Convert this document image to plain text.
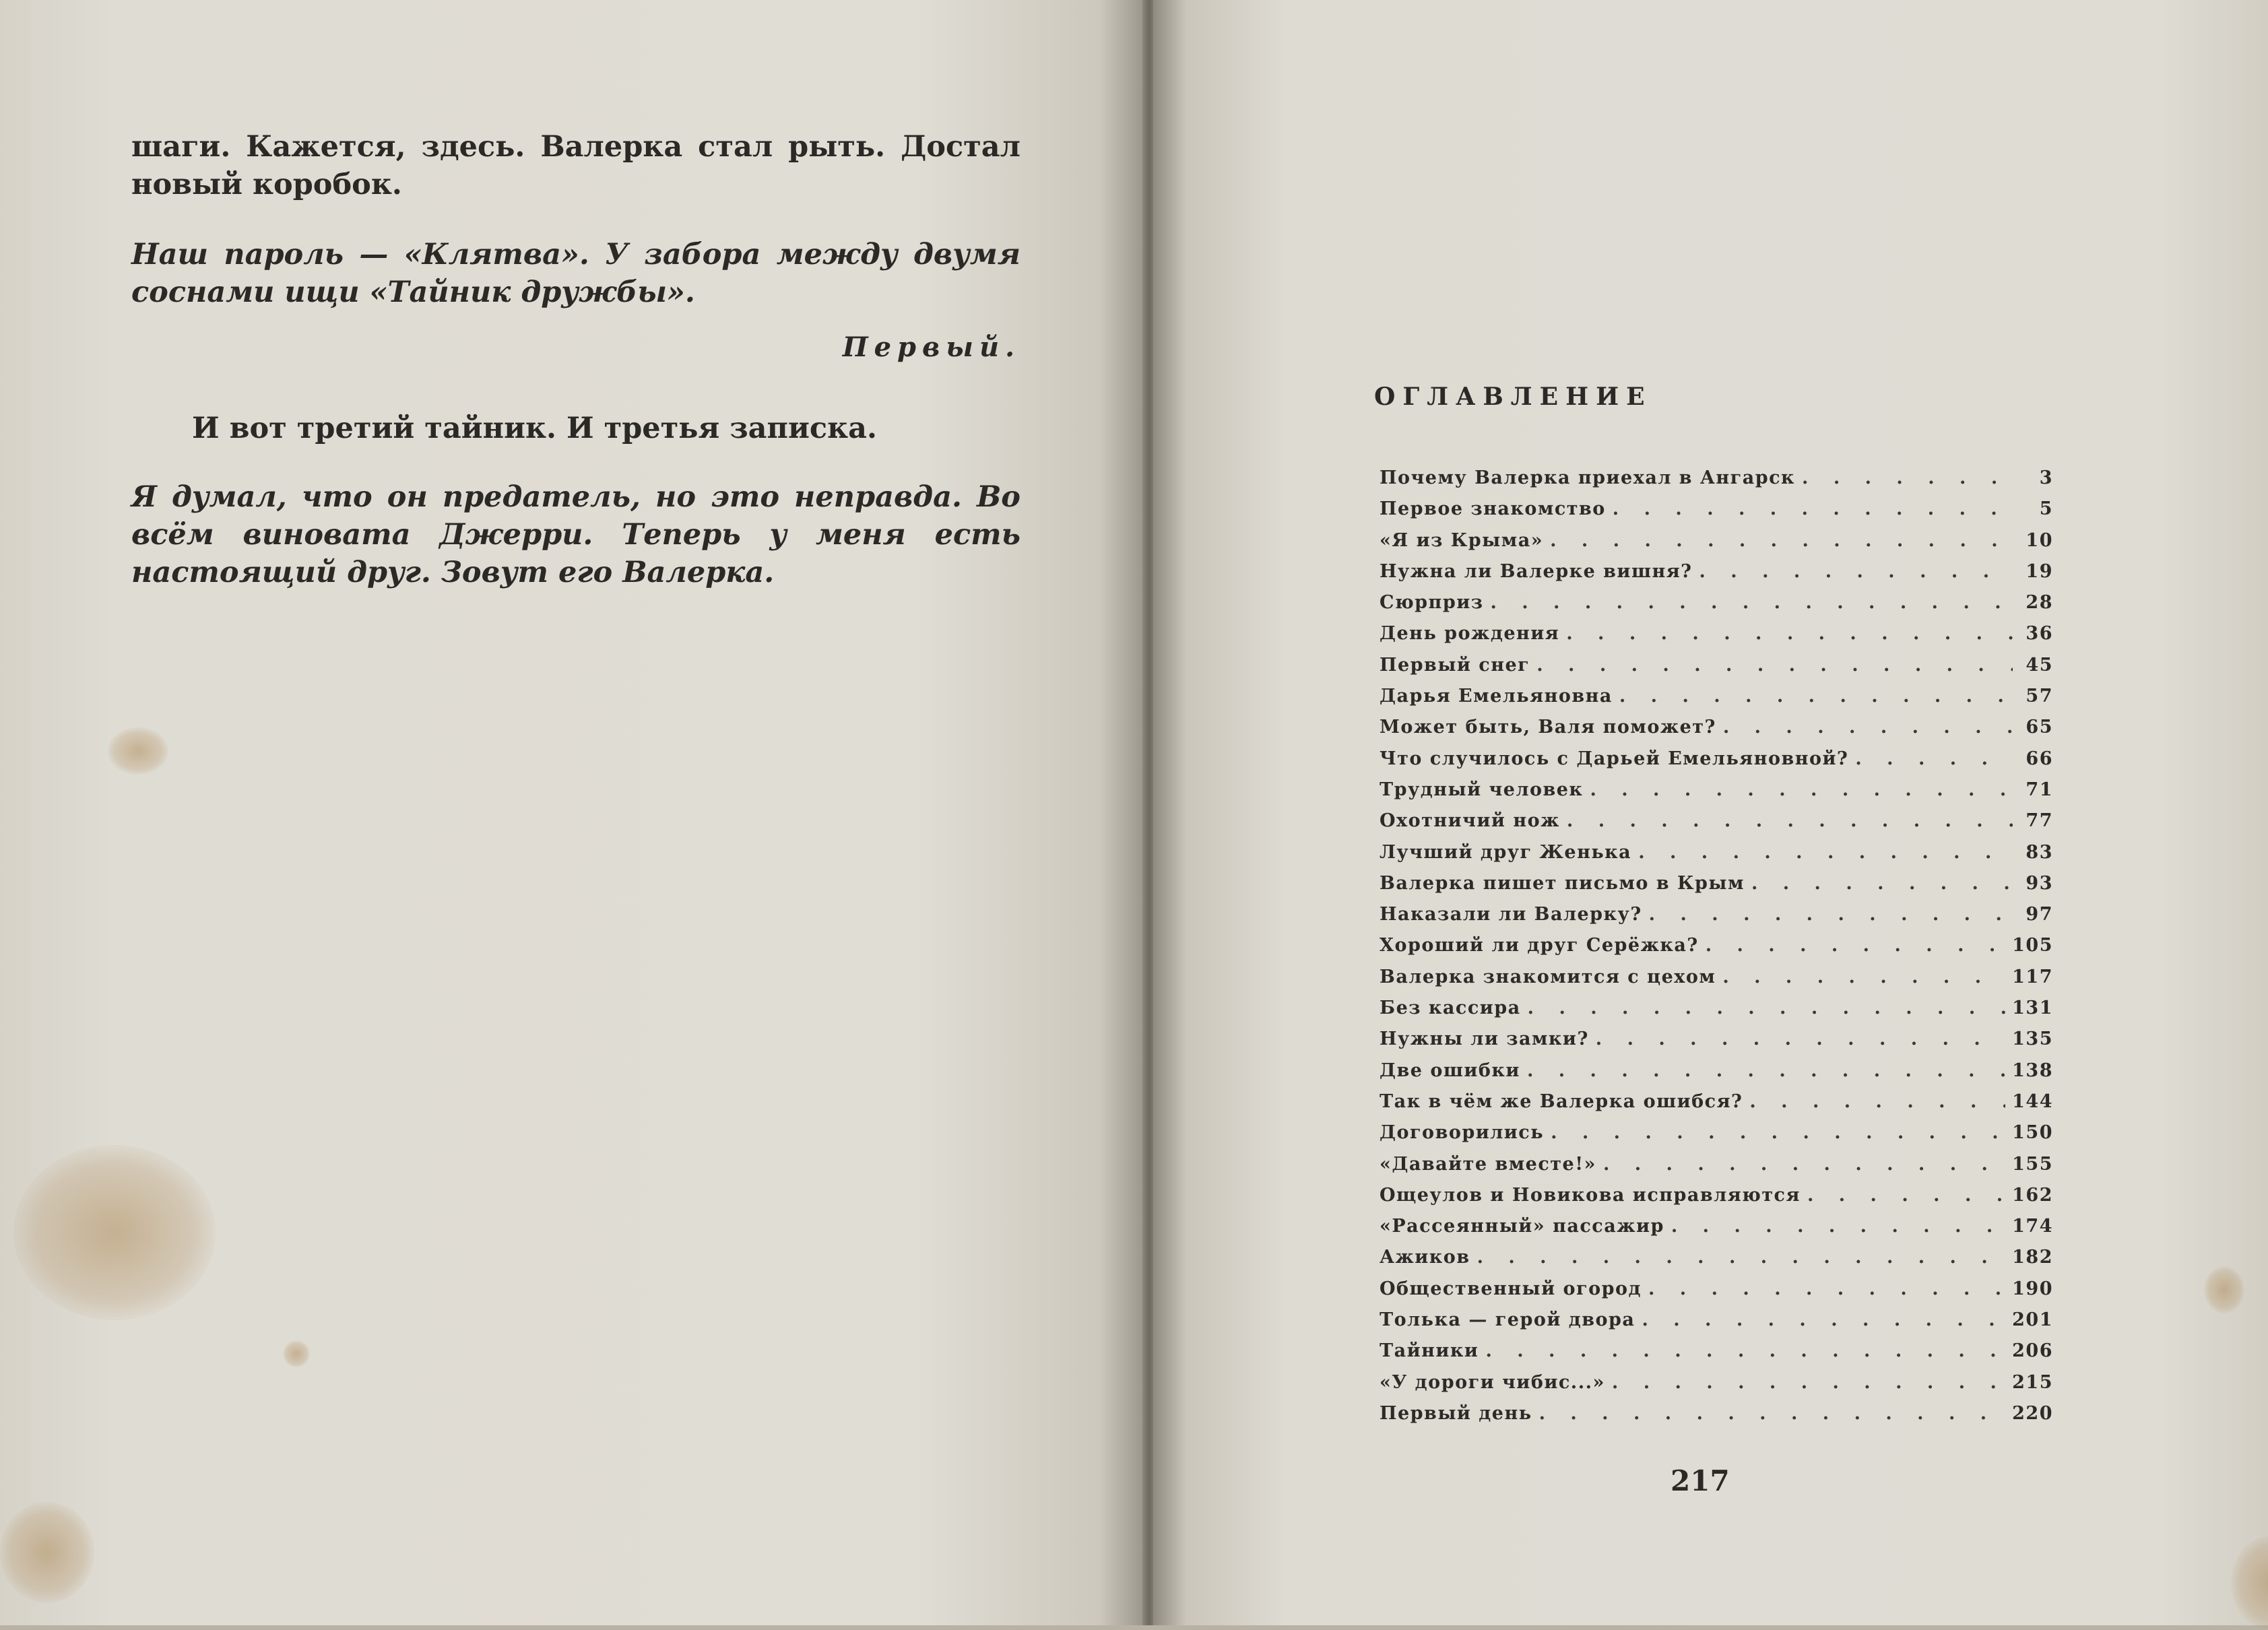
шаги. Кажется, здесь. Валерка стал рыть. Достал новый коробок.

Наш пароль — «Клятва». У забора между двумя соснами ищи «Тайник дружбы».

Первый.

И вот третий тайник. И третья записка.

Я думал, что он предатель, но это неправда. Во всём виновата Джерри. Теперь у меня есть настоящий друг. Зовут его Валерка.

ОГЛАВЛЕНИЕ
Почему Валерка приехал в Ангарск . . .	3
Первое знакомство . . .	5
«Я из Крыма» . . .	10
Нужна ли Валерке вишня? . . .	19
Сюрприз . . .	28
День рождения . . .	36
Первый снег . . .	45
Дарья Емельяновна . . .	57
Может быть, Валя поможет? . . .	65
Что случилось с Дарьей Емельяновной? . . .	66
Трудный человек . . .	71
Охотничий нож . . .	77
Лучший друг Женька . . .	83
Валерка пишет письмо в Крым . . .	93
Наказали ли Валерку? . . .	97
Хороший ли друг Серёжка? . . .	105
Валерка знакомится с цехом . . .	117
Без кассира . . .	131
Нужны ли замки? . . .	135
Две ошибки . . .	138
Так в чём же Валерка ошибся? . . .	144
Договорились . . .	150
«Давайте вместе!» . . .	155
Ощеулов и Новикова исправляются . . .	162
«Рассеянный» пассажир . . .	174
Ажиков . . .	182
Общественный огород . . .	190
Толька — герой двора . . .	201
Тайники . . .	206
«У дороги чибис...» . . .	215
Первый день . . .	220
217
